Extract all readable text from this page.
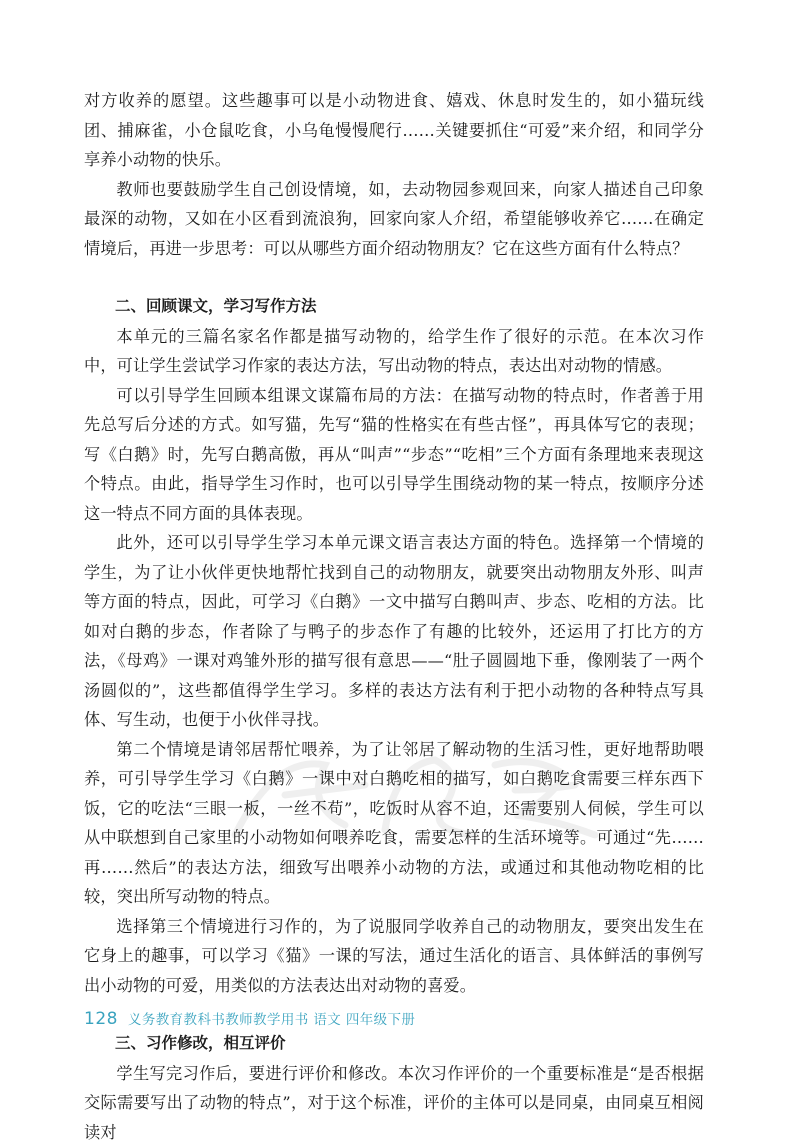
对方收养的愿望。这些趣事可以是小动物进食、嬉戏、休息时发生的，如小猫玩线团、捕麻雀，小仓鼠吃食，小乌龟慢慢爬行……关键要抓住“可爱”来介绍，和同学分享养小动物的快乐。

教师也要鼓励学生自己创设情境，如，去动物园参观回来，向家人描述自己印象最深的动物，又如在小区看到流浪狗，回家向家人介绍，希望能够收养它……在确定情境后，再进一步思考：可以从哪些方面介绍动物朋友？它在这些方面有什么特点？

二、回顾课文，学习写作方法

本单元的三篇名家名作都是描写动物的，给学生作了很好的示范。在本次习作中，可让学生尝试学习作家的表达方法，写出动物的特点，表达出对动物的情感。

可以引导学生回顾本组课文谋篇布局的方法：在描写动物的特点时，作者善于用先总写后分述的方式。如写猫，先写“猫的性格实在有些古怪”，再具体写它的表现；写《白鹅》时，先写白鹅高傲，再从“叫声”“步态”“吃相”三个方面有条理地来表现这个特点。由此，指导学生习作时，也可以引导学生围绕动物的某一特点，按顺序分述这一特点不同方面的具体表现。

此外，还可以引导学生学习本单元课文语言表达方面的特色。选择第一个情境的学生，为了让小伙伴更快地帮忙找到自己的动物朋友，就要突出动物朋友外形、叫声等方面的特点，因此，可学习《白鹅》一文中描写白鹅叫声、步态、吃相的方法。比如对白鹅的步态，作者除了与鸭子的步态作了有趣的比较外，还运用了打比方的方法，《母鸡》一课对鸡雏外形的描写很有意思——“肚子圆圆地下垂，像刚装了一两个汤圆似的”，这些都值得学生学习。多样的表达方法有利于把小动物的各种特点写具体、写生动，也便于小伙伴寻找。

第二个情境是请邻居帮忙喂养，为了让邻居了解动物的生活习性，更好地帮助喂养，可引导学生学习《白鹅》一课中对白鹅吃相的描写，如白鹅吃食需要三样东西下饭，它的吃法“三眼一板，一丝不苟”，吃饭时从容不迫，还需要别人伺候，学生可以从中联想到自己家里的小动物如何喂养吃食，需要怎样的生活环境等。可通过“先……再……然后”的表达方法，细致写出喂养小动物的方法，或通过和其他动物吃相的比较，突出所写动物的特点。

选择第三个情境进行习作的，为了说服同学收养自己的动物朋友，要突出发生在它身上的趣事，可以学习《猫》一课的写法，通过生活化的语言、具体鲜活的事例写出小动物的可爱，用类似的方法表达出对动物的喜爱。

三、习作修改，相互评价

学生写完习作后，要进行评价和修改。本次习作评价的一个重要标准是“是否根据交际需要写出了动物的特点”，对于这个标准，评价的主体可以是同桌，由同桌互相阅读对

128 义务教育教科书教师教学用书 语文 四年级下册
